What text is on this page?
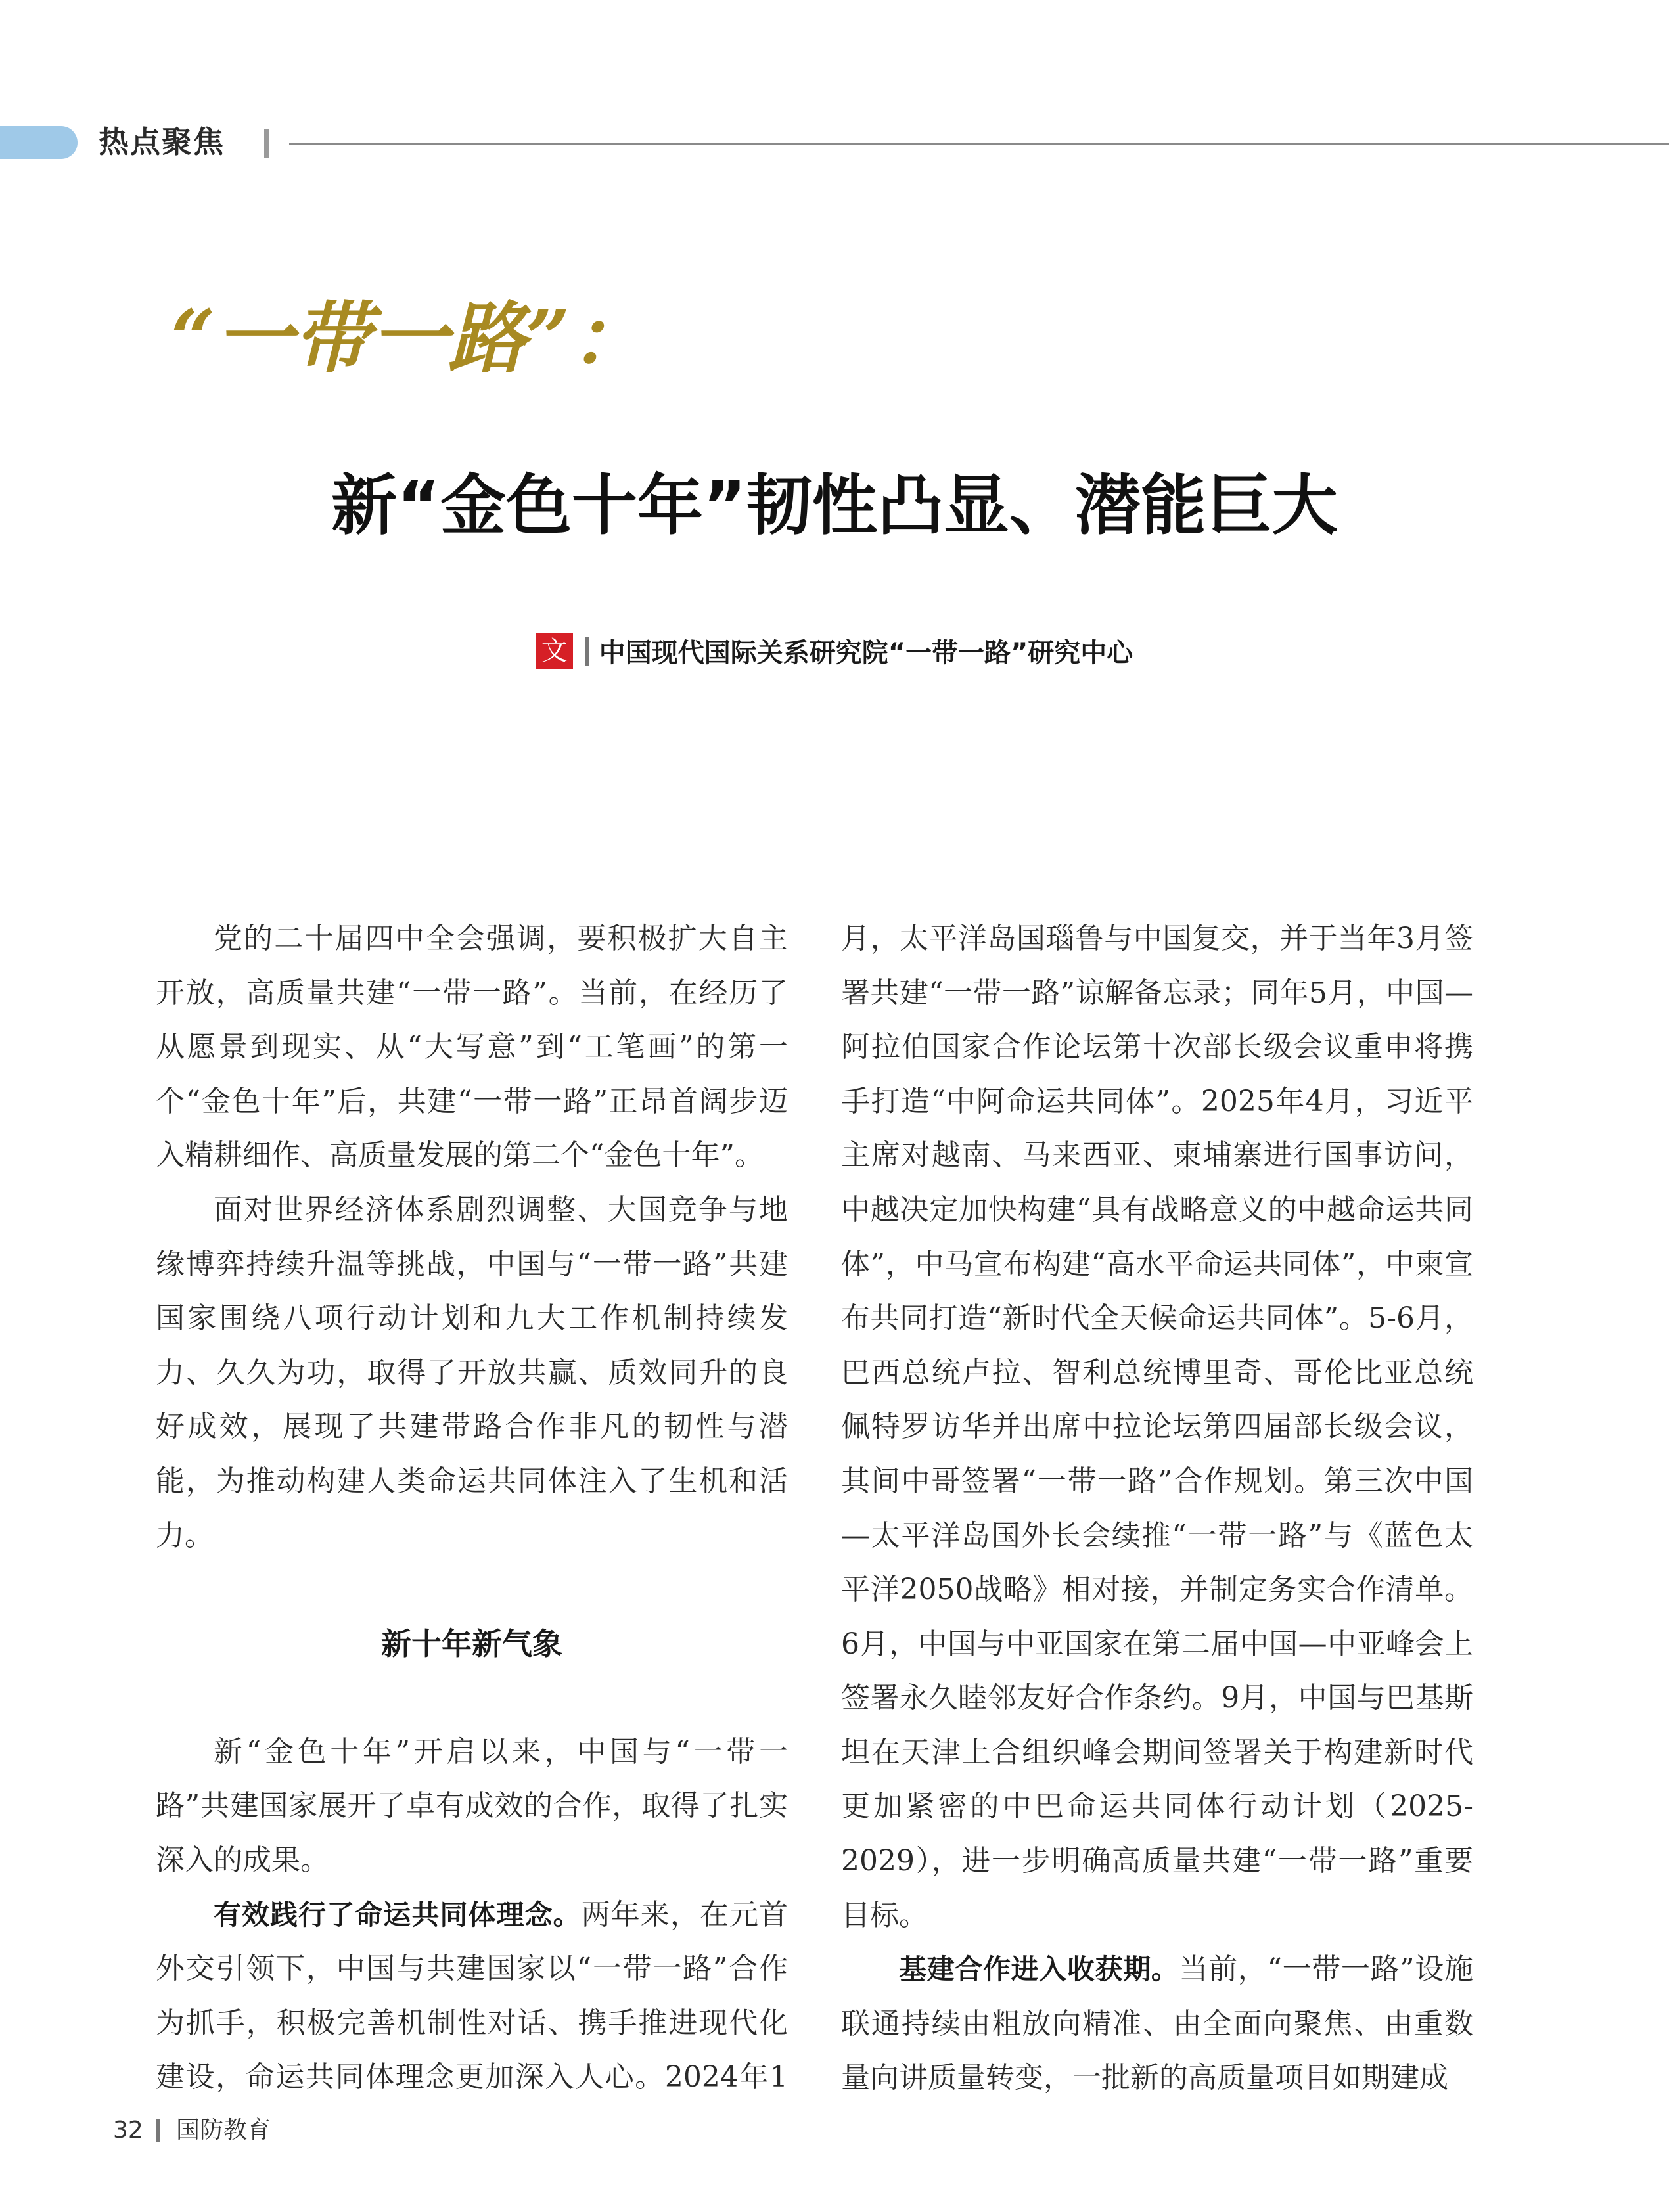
热点聚焦
“一带一路”：
新“金色十年”韧性凸显、潜能巨大
文 中国现代国际关系研究院“一带一路”研究中心

党的二十届四中全会强调，要积极扩大自主开放，高质量共建“一带一路”。当前，在经历了从愿景到现实、从“大写意”到“工笔画”的第一个“金色十年”后，共建“一带一路”正昂首阔步迈入精耕细作、高质量发展的第二个“金色十年”。

面对世界经济体系剧烈调整、大国竞争与地缘博弈持续升温等挑战，中国与“一带一路”共建国家围绕八项行动计划和九大工作机制持续发力、久久为功，取得了开放共赢、质效同升的良好成效，展现了共建带路合作非凡的韧性与潜能，为推动构建人类命运共同体注入了生机和活力。

新十年新气象

新“金色十年”开启以来，中国与“一带一路”共建国家展开了卓有成效的合作，取得了扎实深入的成果。

有效践行了命运共同体理念。两年来，在元首外交引领下，中国与共建国家以“一带一路”合作为抓手，积极完善机制性对话、携手推进现代化建设，命运共同体理念更加深入人心。2024年1

月，太平洋岛国瑙鲁与中国复交，并于当年3月签署共建“一带一路”谅解备忘录；同年5月，中国—阿拉伯国家合作论坛第十次部长级会议重申将携手打造“中阿命运共同体”。2025年4月，习近平主席对越南、马来西亚、柬埔寨进行国事访问，中越决定加快构建“具有战略意义的中越命运共同体”，中马宣布构建“高水平命运共同体”，中柬宣布共同打造“新时代全天候命运共同体”。5-6月，巴西总统卢拉、智利总统博里奇、哥伦比亚总统佩特罗访华并出席中拉论坛第四届部长级会议，其间中哥签署“一带一路”合作规划。第三次中国—太平洋岛国外长会续推“一带一路”与《蓝色太平洋2050战略》相对接，并制定务实合作清单。6月，中国与中亚国家在第二届中国—中亚峰会上签署永久睦邻友好合作条约。9月，中国与巴基斯坦在天津上合组织峰会期间签署关于构建新时代更加紧密的中巴命运共同体行动计划（2025-2029），进一步明确高质量共建“一带一路”重要目标。

基建合作进入收获期。当前，“一带一路”设施联通持续由粗放向精准、由全面向聚焦、由重数量向讲质量转变，一批新的高质量项目如期建成

32 国防教育
